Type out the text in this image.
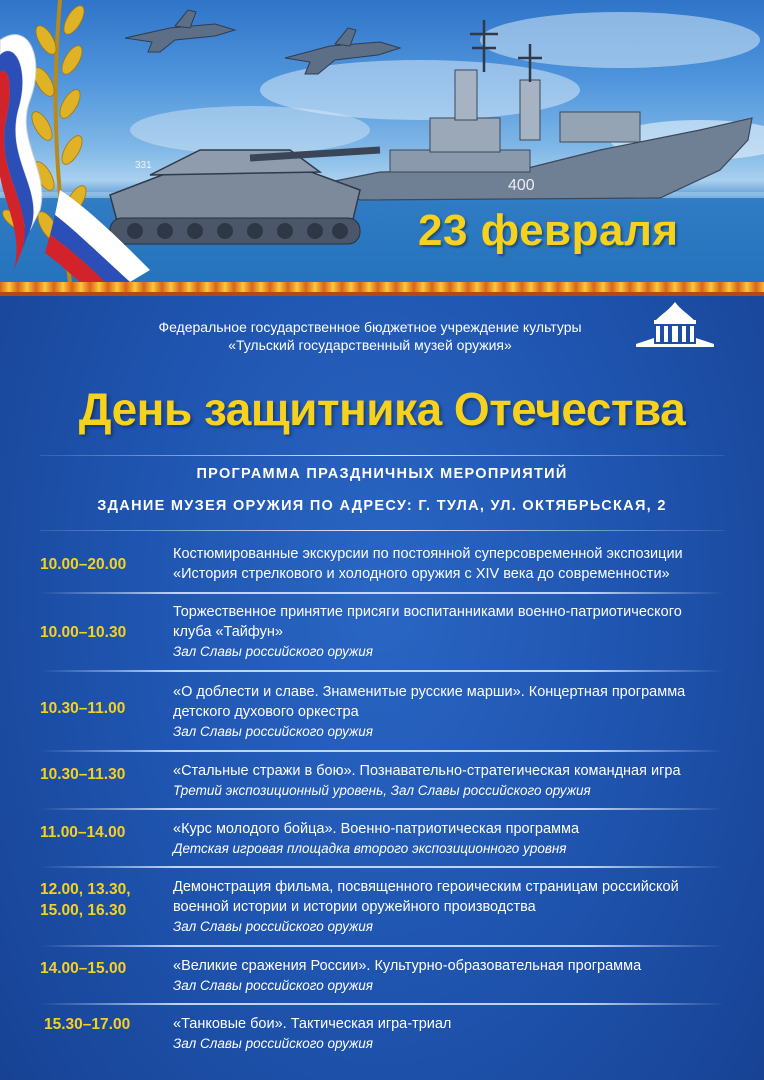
400
331
23 февраля
Федеральное государственное бюджетное учреждение культуры
«Тульский государственный музей оружия»
День защитника Отечества
ПРОГРАММА ПРАЗДНИЧНЫХ МЕРОПРИЯТИЙ
ЗДАНИЕ МУЗЕЯ ОРУЖИЯ ПО АДРЕСУ: Г. ТУЛА, УЛ. ОКТЯБРЬСКАЯ, 2
10.00–20.00
Костюмированные экскурсии по постоянной суперсовременной экспозиции
«История стрелкового и холодного оружия с XIV века до современности»
10.00–10.30
Торжественное принятие присяги воспитанниками военно-патриотического
клуба «Тайфун»
Зал Славы российского оружия
10.30–11.00
«О доблести и славе. Знаменитые русские марши». Концертная программа
детского духового оркестра
Зал Славы российского оружия
10.30–11.30	«Стальные стражи в бою». Познавательно-стратегическая командная игра
Третий экспозиционный уровень, Зал Славы российского оружия
11.00–14.00	«Курс молодого бойца». Военно-патриотическая программа
Детская игровая площадка второго экспозиционного уровня
12.00, 13.30,
15.00, 16.30
Демонстрация фильма, посвященного героическим страницам российской
военной истории и истории оружейного производства
Зал Славы российского оружия
14.00–15.00	«Великие сражения России». Культурно-образовательная программа
Зал Славы российского оружия
15.30–17.00	«Танковые бои». Тактическая игра-триал
Зал Славы российского оружия
